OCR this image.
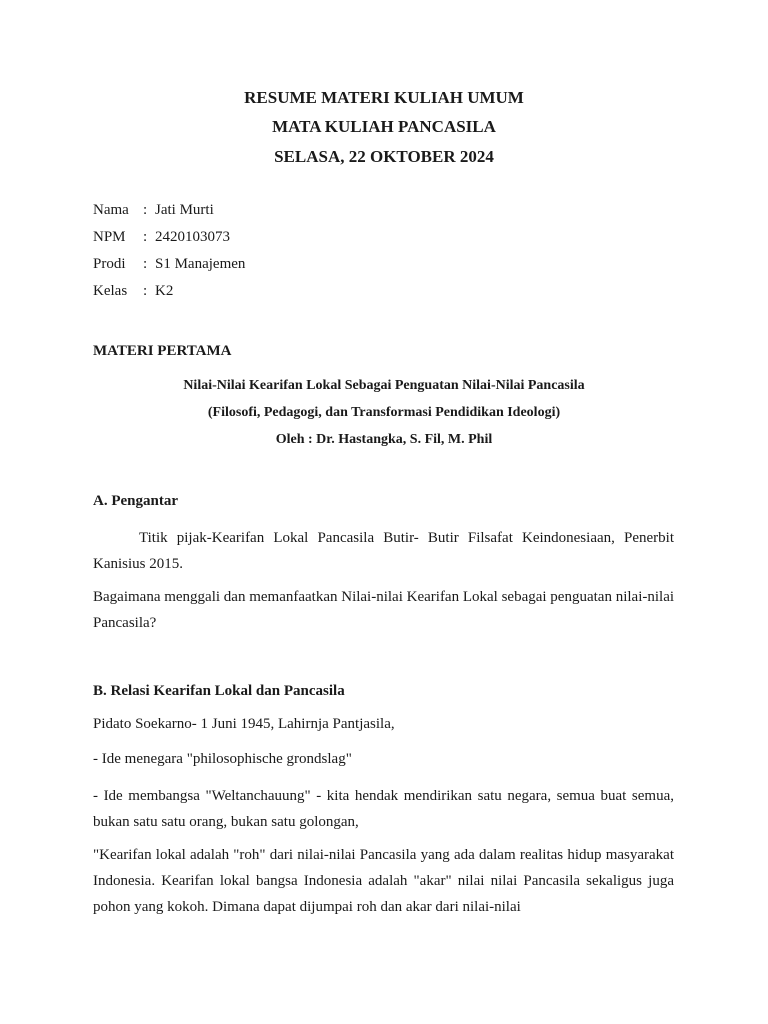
RESUME MATERI KULIAH UMUM
MATA KULIAH PANCASILA
SELASA, 22 OKTOBER 2024
Nama : Jati Murti
NPM : 2420103073
Prodi : S1 Manajemen
Kelas : K2
MATERI PERTAMA
Nilai-Nilai Kearifan Lokal Sebagai Penguatan Nilai-Nilai Pancasila
(Filosofi, Pedagogi, dan Transformasi Pendidikan Ideologi)
Oleh : Dr. Hastangka, S. Fil, M. Phil
A. Pengantar
Titik pijak-Kearifan Lokal Pancasila Butir- Butir Filsafat Keindonesiaan, Penerbit Kanisius 2015.
Bagaimana menggali dan memanfaatkan Nilai-nilai Kearifan Lokal sebagai penguatan nilai-nilai Pancasila?
B. Relasi Kearifan Lokal dan Pancasila
Pidato Soekarno- 1 Juni 1945, Lahirnja Pantjasila,
- Ide menegara "philosophische grondslag"
- Ide membangsa "Weltanchauung" - kita hendak mendirikan satu negara, semua buat semua, bukan satu satu orang, bukan satu golongan,
"Kearifan lokal adalah "roh" dari nilai-nilai Pancasila yang ada dalam realitas hidup masyarakat Indonesia. Kearifan lokal bangsa Indonesia adalah "akar" nilai nilai Pancasila sekaligus juga pohon yang kokoh. Dimana dapat dijumpai roh dan akar dari nilai-nilai
